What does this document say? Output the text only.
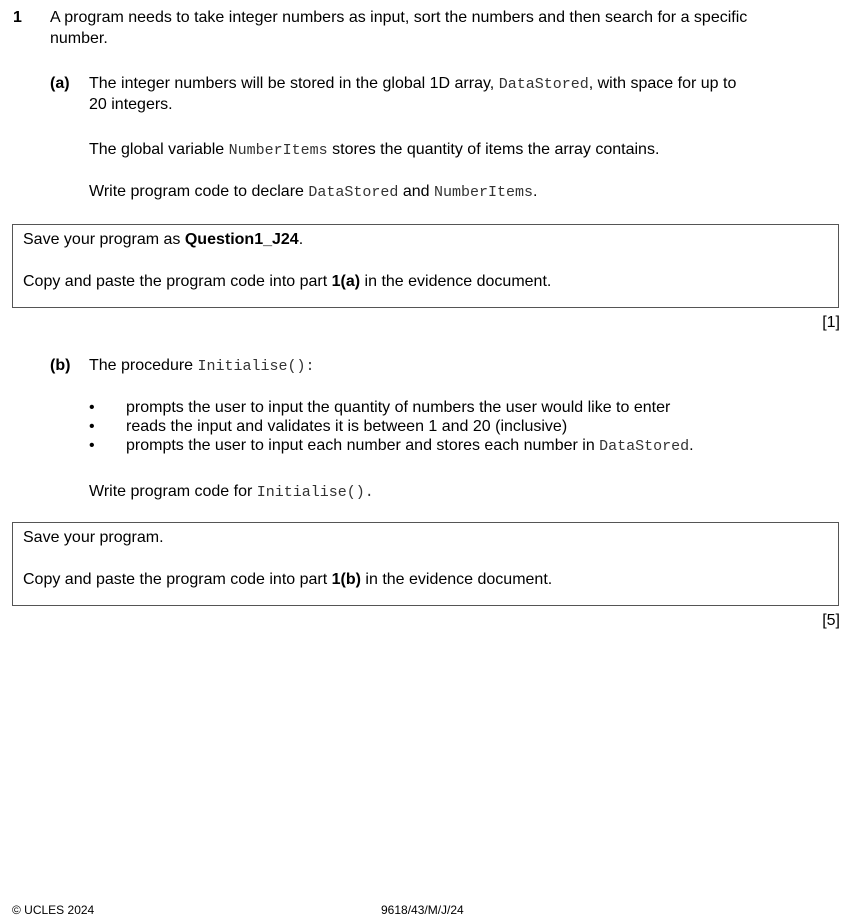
1 A program needs to take integer numbers as input, sort the numbers and then search for a specific
number.
(a) The integer numbers will be stored in the global 1D array, DataStored, with space for up to
20 integers.
The global variable NumberItems stores the quantity of items the array contains.
Write program code to declare DataStored and NumberItems.
Save your program as Question1_J24.
Copy and paste the program code into part 1(a) in the evidence document.
[1]
(b) The procedure Initialise():
• prompts the user to input the quantity of numbers the user would like to enter
• reads the input and validates it is between 1 and 20 (inclusive)
• prompts the user to input each number and stores each number in DataStored.
Write program code for Initialise().
Save your program.
Copy and paste the program code into part 1(b) in the evidence document.
[5]
© UCLES 2024	9618/43/M/J/24
